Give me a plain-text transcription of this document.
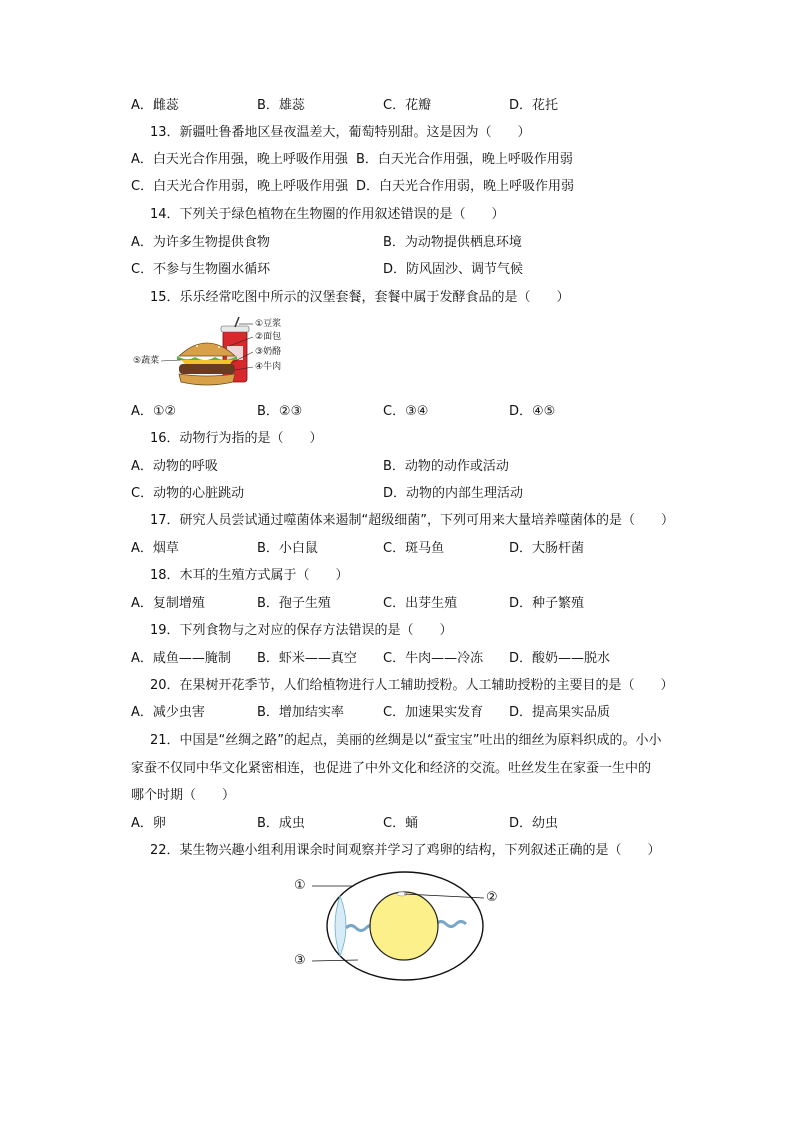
A．雌蕊	B．雄蕊	C．花瓣	D．花托
13．新疆吐鲁番地区昼夜温差大，葡萄特别甜。这是因为（　　）
A．白天光合作用强，晚上呼吸作用强 B．白天光合作用强，晚上呼吸作用弱
C．白天光合作用弱，晚上呼吸作用强 D．白天光合作用弱，晚上呼吸作用弱
14．下列关于绿色植物在生物圈的作用叙述错误的是（　　）
A．为许多生物提供食物	B．为动物提供栖息环境
C．不参与生物圈水循环	D．防风固沙、调节气候
15．乐乐经常吃图中所示的汉堡套餐，套餐中属于发酵食品的是（　　）
①豆浆
②面包
③奶酪
④牛肉
⑤蔬菜
A．①②	B．②③	C．③④	D．④⑤
16．动物行为指的是（　　）
A．动物的呼吸	B．动物的动作或活动
C．动物的心脏跳动	D．动物的内部生理活动
17．研究人员尝试通过噬菌体来遏制“超级细菌”，下列可用来大量培养噬菌体的是（　　）
A．烟草	B．小白鼠	C．斑马鱼	D．大肠杆菌
18．木耳的生殖方式属于（　　）
A．复制增殖	B．孢子生殖	C．出芽生殖	D．种子繁殖
19．下列食物与之对应的保存方法错误的是（　　）
A．咸鱼——腌制 B．虾米——真空 C．牛肉——冷冻 D．酸奶——脱水
20．在果树开花季节，人们给植物进行人工辅助授粉。人工辅助授粉的主要目的是（　　）
A．减少虫害	B．增加结实率	C．加速果实发育 D．提高果实品质
21．中国是“丝绸之路”的起点，美丽的丝绸是以“蚕宝宝”吐出的细丝为原料织成的。小小
家蚕不仅同中华文化紧密相连，也促进了中外文化和经济的交流。吐丝发生在家蚕一生中的
哪个时期（　　）
A．卵	B．成虫	C．蛹	D．幼虫
22．某生物兴趣小组利用课余时间观察并学习了鸡卵的结构，下列叙述正确的是（　　）
①
②
③
